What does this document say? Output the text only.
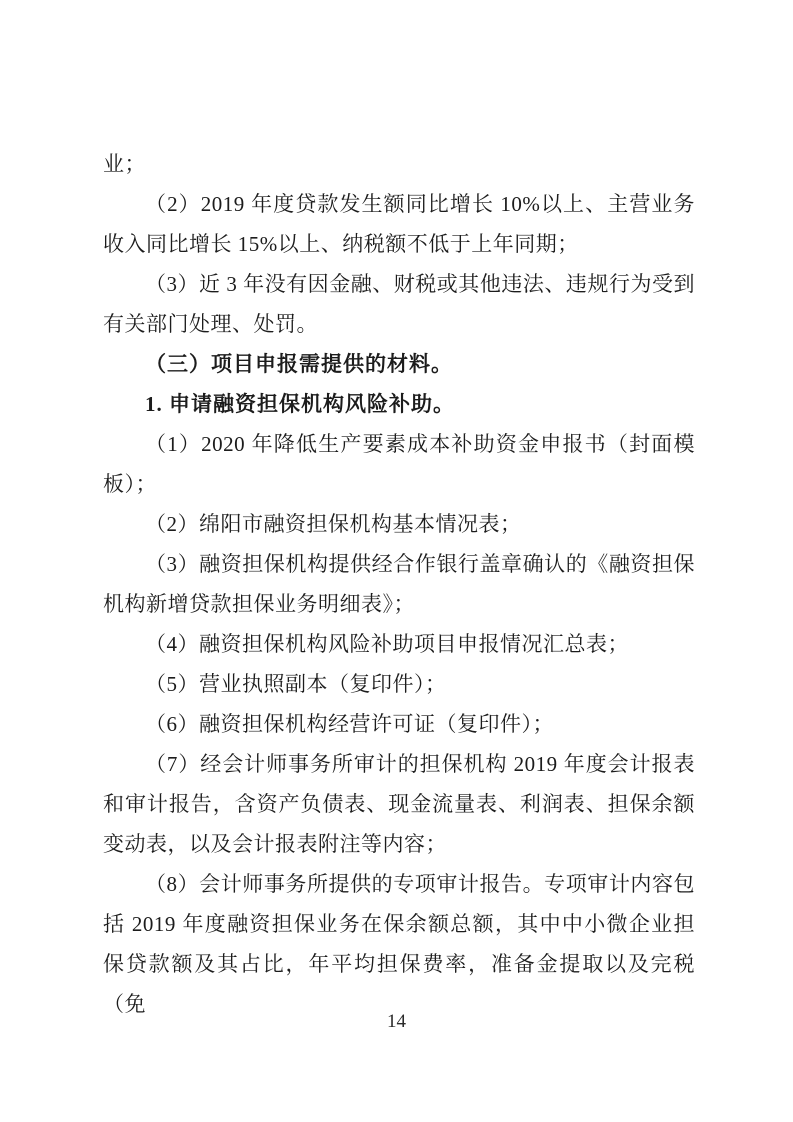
业；

（2）2019 年度贷款发生额同比增长 10%以上、主营业务收入同比增长 15%以上、纳税额不低于上年同期；

（3）近 3 年没有因金融、财税或其他违法、违规行为受到有关部门处理、处罚。

（三）项目申报需提供的材料。

1. 申请融资担保机构风险补助。

（1）2020 年降低生产要素成本补助资金申报书（封面模板）；

（2）绵阳市融资担保机构基本情况表；

（3）融资担保机构提供经合作银行盖章确认的《融资担保机构新增贷款担保业务明细表》；

（4）融资担保机构风险补助项目申报情况汇总表；

（5）营业执照副本（复印件）；

（6）融资担保机构经营许可证（复印件）；

（7）经会计师事务所审计的担保机构 2019 年度会计报表和审计报告，含资产负债表、现金流量表、利润表、担保余额变动表，以及会计报表附注等内容；

（8）会计师事务所提供的专项审计报告。专项审计内容包括 2019 年度融资担保业务在保余额总额，其中中小微企业担保贷款额及其占比，年平均担保费率，准备金提取以及完税（免

14
